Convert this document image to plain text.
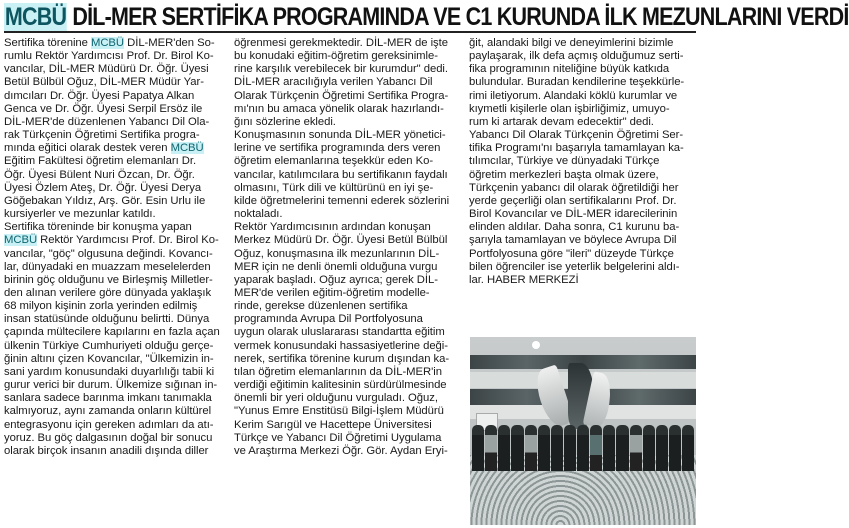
MCBÜ DİL-MER SERTİFİKA PROGRAMINDA VE C1 KURUNDA İLK MEZUNLARINI VERDİ

Sertifika törenine MCBÜ DİL-MER'den So-

rumlu Rektör Yardımcısı Prof. Dr. Birol Ko-

vancılar, DİL-MER Müdürü Dr. Öğr. Üyesi

Betül Bülbül Oğuz, DİL-MER Müdür Yar-

dımcıları Dr. Öğr. Üyesi Papatya Alkan

Genca ve Dr. Öğr. Üyesi Serpil Ersöz ile

DİL-MER'de düzenlenen Yabancı Dil Ola-

rak Türkçenin Öğretimi Sertifika progra-

mında eğitici olarak destek veren MCBÜ

Eğitim Fakültesi öğretim elemanları Dr.

Öğr. Üyesi Bülent Nuri Özcan, Dr. Öğr.

Üyesi Özlem Ateş, Dr. Öğr. Üyesi Derya

Göğebakan Yıldız, Arş. Gör. Esin Urlu ile

kursiyerler ve mezunlar katıldı.

Sertifika töreninde bir konuşma yapan

MCBÜ Rektör Yardımcısı Prof. Dr. Birol Ko-

vancılar, "göç" olgusuna değindi. Kovancı-

lar, dünyadaki en muazzam meselelerden

birinin göç olduğunu ve Birleşmiş Milletler-

den alınan verilere göre dünyada yaklaşık

68 milyon kişinin zorla yerinden edilmiş

insan statüsünde olduğunu belirtti. Dünya

çapında mültecilere kapılarını en fazla açan

ülkenin Türkiye Cumhuriyeti olduğu gerçe-

ğinin altını çizen Kovancılar, "Ülkemizin in-

sani yardım konusundaki duyarlılığı tabii ki

gurur verici bir durum. Ülkemize sığınan in-

sanlara sadece barınma imkanı tanımakla

kalmıyoruz, aynı zamanda onların kültürel

entegrasyonu için gereken adımları da atı-

yoruz. Bu göç dalgasının doğal bir sonucu

olarak birçok insanın anadili dışında diller

öğrenmesi gerekmektedir. DİL-MER de işte

bu konudaki eğitim-öğretim gereksinimle-

rine karşılık verebilecek bir kurumdur" dedi.

DİL-MER aracılığıyla verilen Yabancı Dil

Olarak Türkçenin Öğretimi Sertifika Progra-

mı'nın bu amaca yönelik olarak hazırlandı-

ğını sözlerine ekledi.

Konuşmasının sonunda DİL-MER yönetici-

lerine ve sertifika programında ders veren

öğretim elemanlarına teşekkür eden Ko-

vancılar, katılımcılara bu sertifikanın faydalı

olmasını, Türk dili ve kültürünü en iyi şe-

kilde öğretmelerini temenni ederek sözlerini

noktaladı.

Rektör Yardımcısının ardından konuşan

Merkez Müdürü Dr. Öğr. Üyesi Betül Bülbül

Oğuz, konuşmasına ilk mezunlarının DİL-

MER için ne denli önemli olduğuna vurgu

yaparak başladı. Oğuz ayrıca; gerek DİL-

MER'de verilen eğitim-öğretim modelle-

rinde, gerekse düzenlenen sertifika

programında Avrupa Dil Portfolyosuna

uygun olarak uluslararası standartta eğitim

vermek konusundaki hassasiyetlerine deği-

nerek, sertifika törenine kurum dışından ka-

tılan öğretim elemanlarının da DİL-MER'in

verdiği eğitimin kalitesinin sürdürülmesinde

önemli bir yeri olduğunu vurguladı. Oğuz,

"Yunus Emre Enstitüsü Bilgi-İşlem Müdürü

Kerim Sarıgül ve Hacettepe Üniversitesi

Türkçe ve Yabancı Dil Öğretimi Uygulama

ve Araştırma Merkezi Öğr. Gör. Aydan Eryi-

ğit, alandaki bilgi ve deneyimlerini bizimle

paylaşarak, ilk defa açmış olduğumuz serti-

fika programının niteliğine büyük katkıda

bulundular. Buradan kendilerine teşekkürle-

rimi iletiyorum. Alandaki köklü kurumlar ve

kıymetli kişilerle olan işbirliğimiz, umuyo-

rum ki artarak devam edecektir" dedi.

Yabancı Dil Olarak Türkçenin Öğretimi Ser-

tifika Programı'nı başarıyla tamamlayan ka-

tılımcılar, Türkiye ve dünyadaki Türkçe

öğretim merkezleri başta olmak üzere,

Türkçenin yabancı dil olarak öğretildiği her

yerde geçerliği olan sertifikalarını Prof. Dr.

Birol Kovancılar ve DİL-MER idarecilerinin

elinden aldılar. Daha sonra, C1 kurunu ba-

şarıyla tamamlayan ve böylece Avrupa Dil

Portfolyosuna göre "ileri" düzeyde Türkçe

bilen öğrenciler ise yeterlik belgelerini aldı-

lar. HABER MERKEZİ
